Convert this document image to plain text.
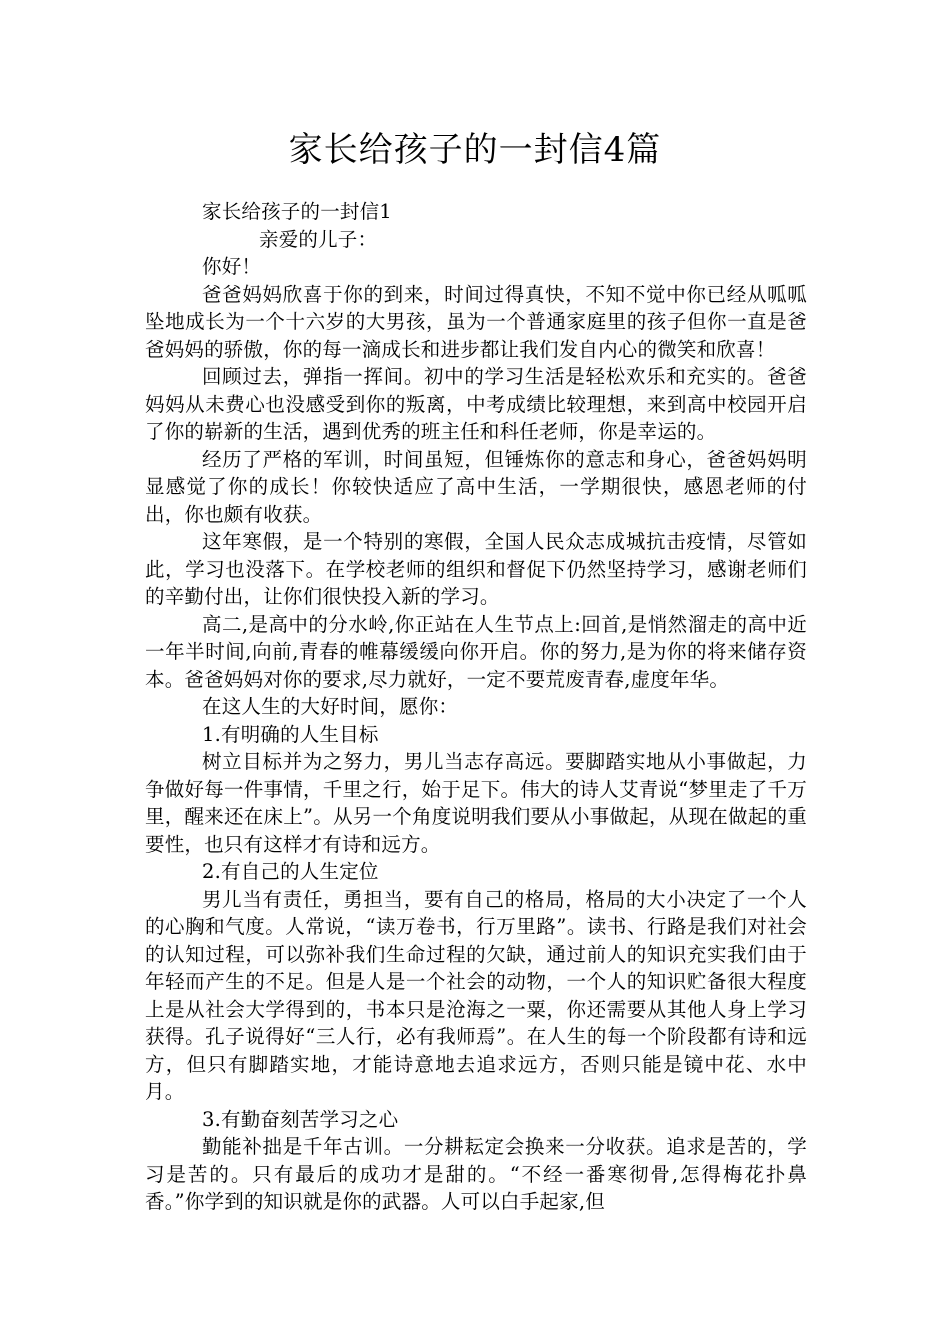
家长给孩子的一封信4篇

家长给孩子的一封信1

亲爱的儿子：

你好！

爸爸妈妈欣喜于你的到来，时间过得真快，不知不觉中你已经从呱呱坠地成长为一个十六岁的大男孩，虽为一个普通家庭里的孩子但你一直是爸爸妈妈的骄傲，你的每一滴成长和进步都让我们发自内心的微笑和欣喜！

回顾过去，弹指一挥间。初中的学习生活是轻松欢乐和充实的。爸爸妈妈从未费心也没感受到你的叛离，中考成绩比较理想，来到高中校园开启了你的崭新的生活，遇到优秀的班主任和科任老师，你是幸运的。

经历了严格的军训，时间虽短，但锤炼你的意志和身心，爸爸妈妈明显感觉了你的成长！你较快适应了高中生活，一学期很快，感恩老师的付出，你也颇有收获。

这年寒假，是一个特别的寒假，全国人民众志成城抗击疫情，尽管如此，学习也没落下。在学校老师的组织和督促下仍然坚持学习，感谢老师们的辛勤付出，让你们很快投入新的学习。

高二,是高中的分水岭,你正站在人生节点上:回首,是悄然溜走的高中近一年半时间,向前,青春的帷幕缓缓向你开启。你的努力,是为你的将来储存资本。爸爸妈妈对你的要求,尽力就好，一定不要荒废青春,虚度年华。

在这人生的大好时间，愿你：

1.有明确的人生目标

树立目标并为之努力，男儿当志存高远。要脚踏实地从小事做起，力争做好每一件事情，千里之行，始于足下。伟大的诗人艾青说“梦里走了千万里，醒来还在床上”。从另一个角度说明我们要从小事做起，从现在做起的重要性，也只有这样才有诗和远方。

2.有自己的人生定位

男儿当有责任，勇担当，要有自己的格局，格局的大小决定了一个人的心胸和气度。人常说，“读万卷书，行万里路”。读书、行路是我们对社会的认知过程，可以弥补我们生命过程的欠缺，通过前人的知识充实我们由于年轻而产生的不足。但是人是一个社会的动物，一个人的知识贮备很大程度上是从社会大学得到的，书本只是沧海之一粟，你还需要从其他人身上学习获得。孔子说得好“三人行，必有我师焉”。在人生的每一个阶段都有诗和远方，但只有脚踏实地，才能诗意地去追求远方，否则只能是镜中花、水中月。

3.有勤奋刻苦学习之心

勤能补拙是千年古训。一分耕耘定会换来一分收获。追求是苦的，学习是苦的。只有最后的成功才是甜的。“不经一番寒彻骨,怎得梅花扑鼻香。”你学到的知识就是你的武器。人可以白手起家,但
